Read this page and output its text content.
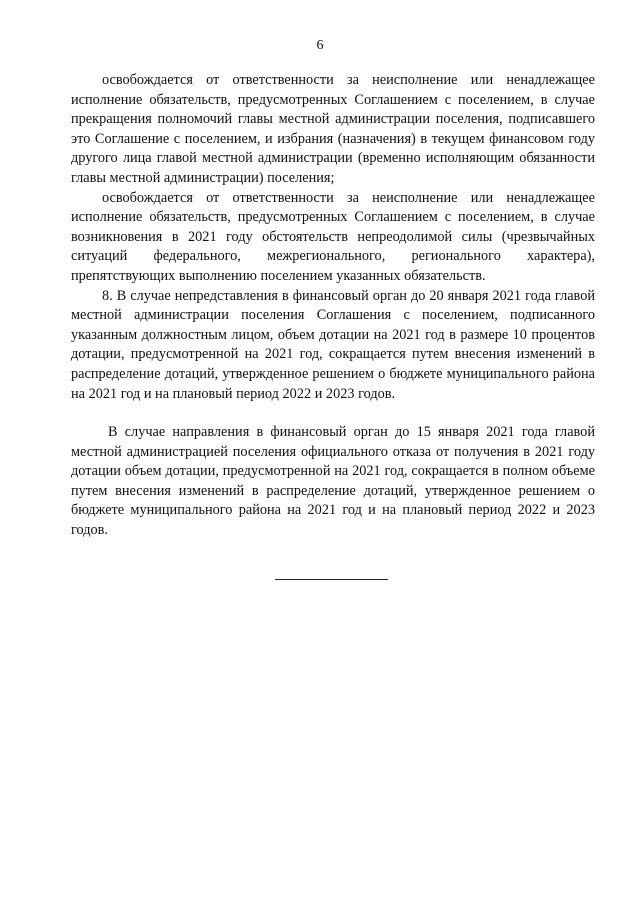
6

освобождается от ответственности за неисполнение или ненадлежащее исполнение обязательств, предусмотренных Соглашением с поселением, в случае прекращения полномочий главы местной администрации поселения, подписавшего это Соглашение с поселением, и избрания (назначения) в текущем финансовом году другого лица главой местной администрации (временно исполняющим обязанности главы местной администрации) поселения;

освобождается от ответственности за неисполнение или ненадлежащее исполнение обязательств, предусмотренных Соглашением с поселением, в случае возникновения в 2021 году обстоятельств непреодолимой силы (чрезвычайных ситуаций федерального, межрегионального, регионального характера), препятствующих выполнению поселением указанных обязательств.

8. В случае непредставления в финансовый орган до 20 января 2021 года главой местной администрации поселения Соглашения с поселением, подписанного указанным должностным лицом, объем дотации на 2021 год в размере 10 процентов дотации, предусмотренной на 2021 год, сокращается путем внесения изменений в распределение дотаций, утвержденное решением о бюджете муниципального района на 2021 год и на плановый период 2022 и 2023 годов.

В случае направления в финансовый орган до 15 января 2021 года главой местной администрацией поселения официального отказа от получения в 2021 году дотации объем дотации, предусмотренной на 2021 год, сокращается в полном объеме путем внесения изменений в распределение дотаций, утвержденное решением о бюджете муниципального района на 2021 год и на плановый период 2022 и 2023 годов.
